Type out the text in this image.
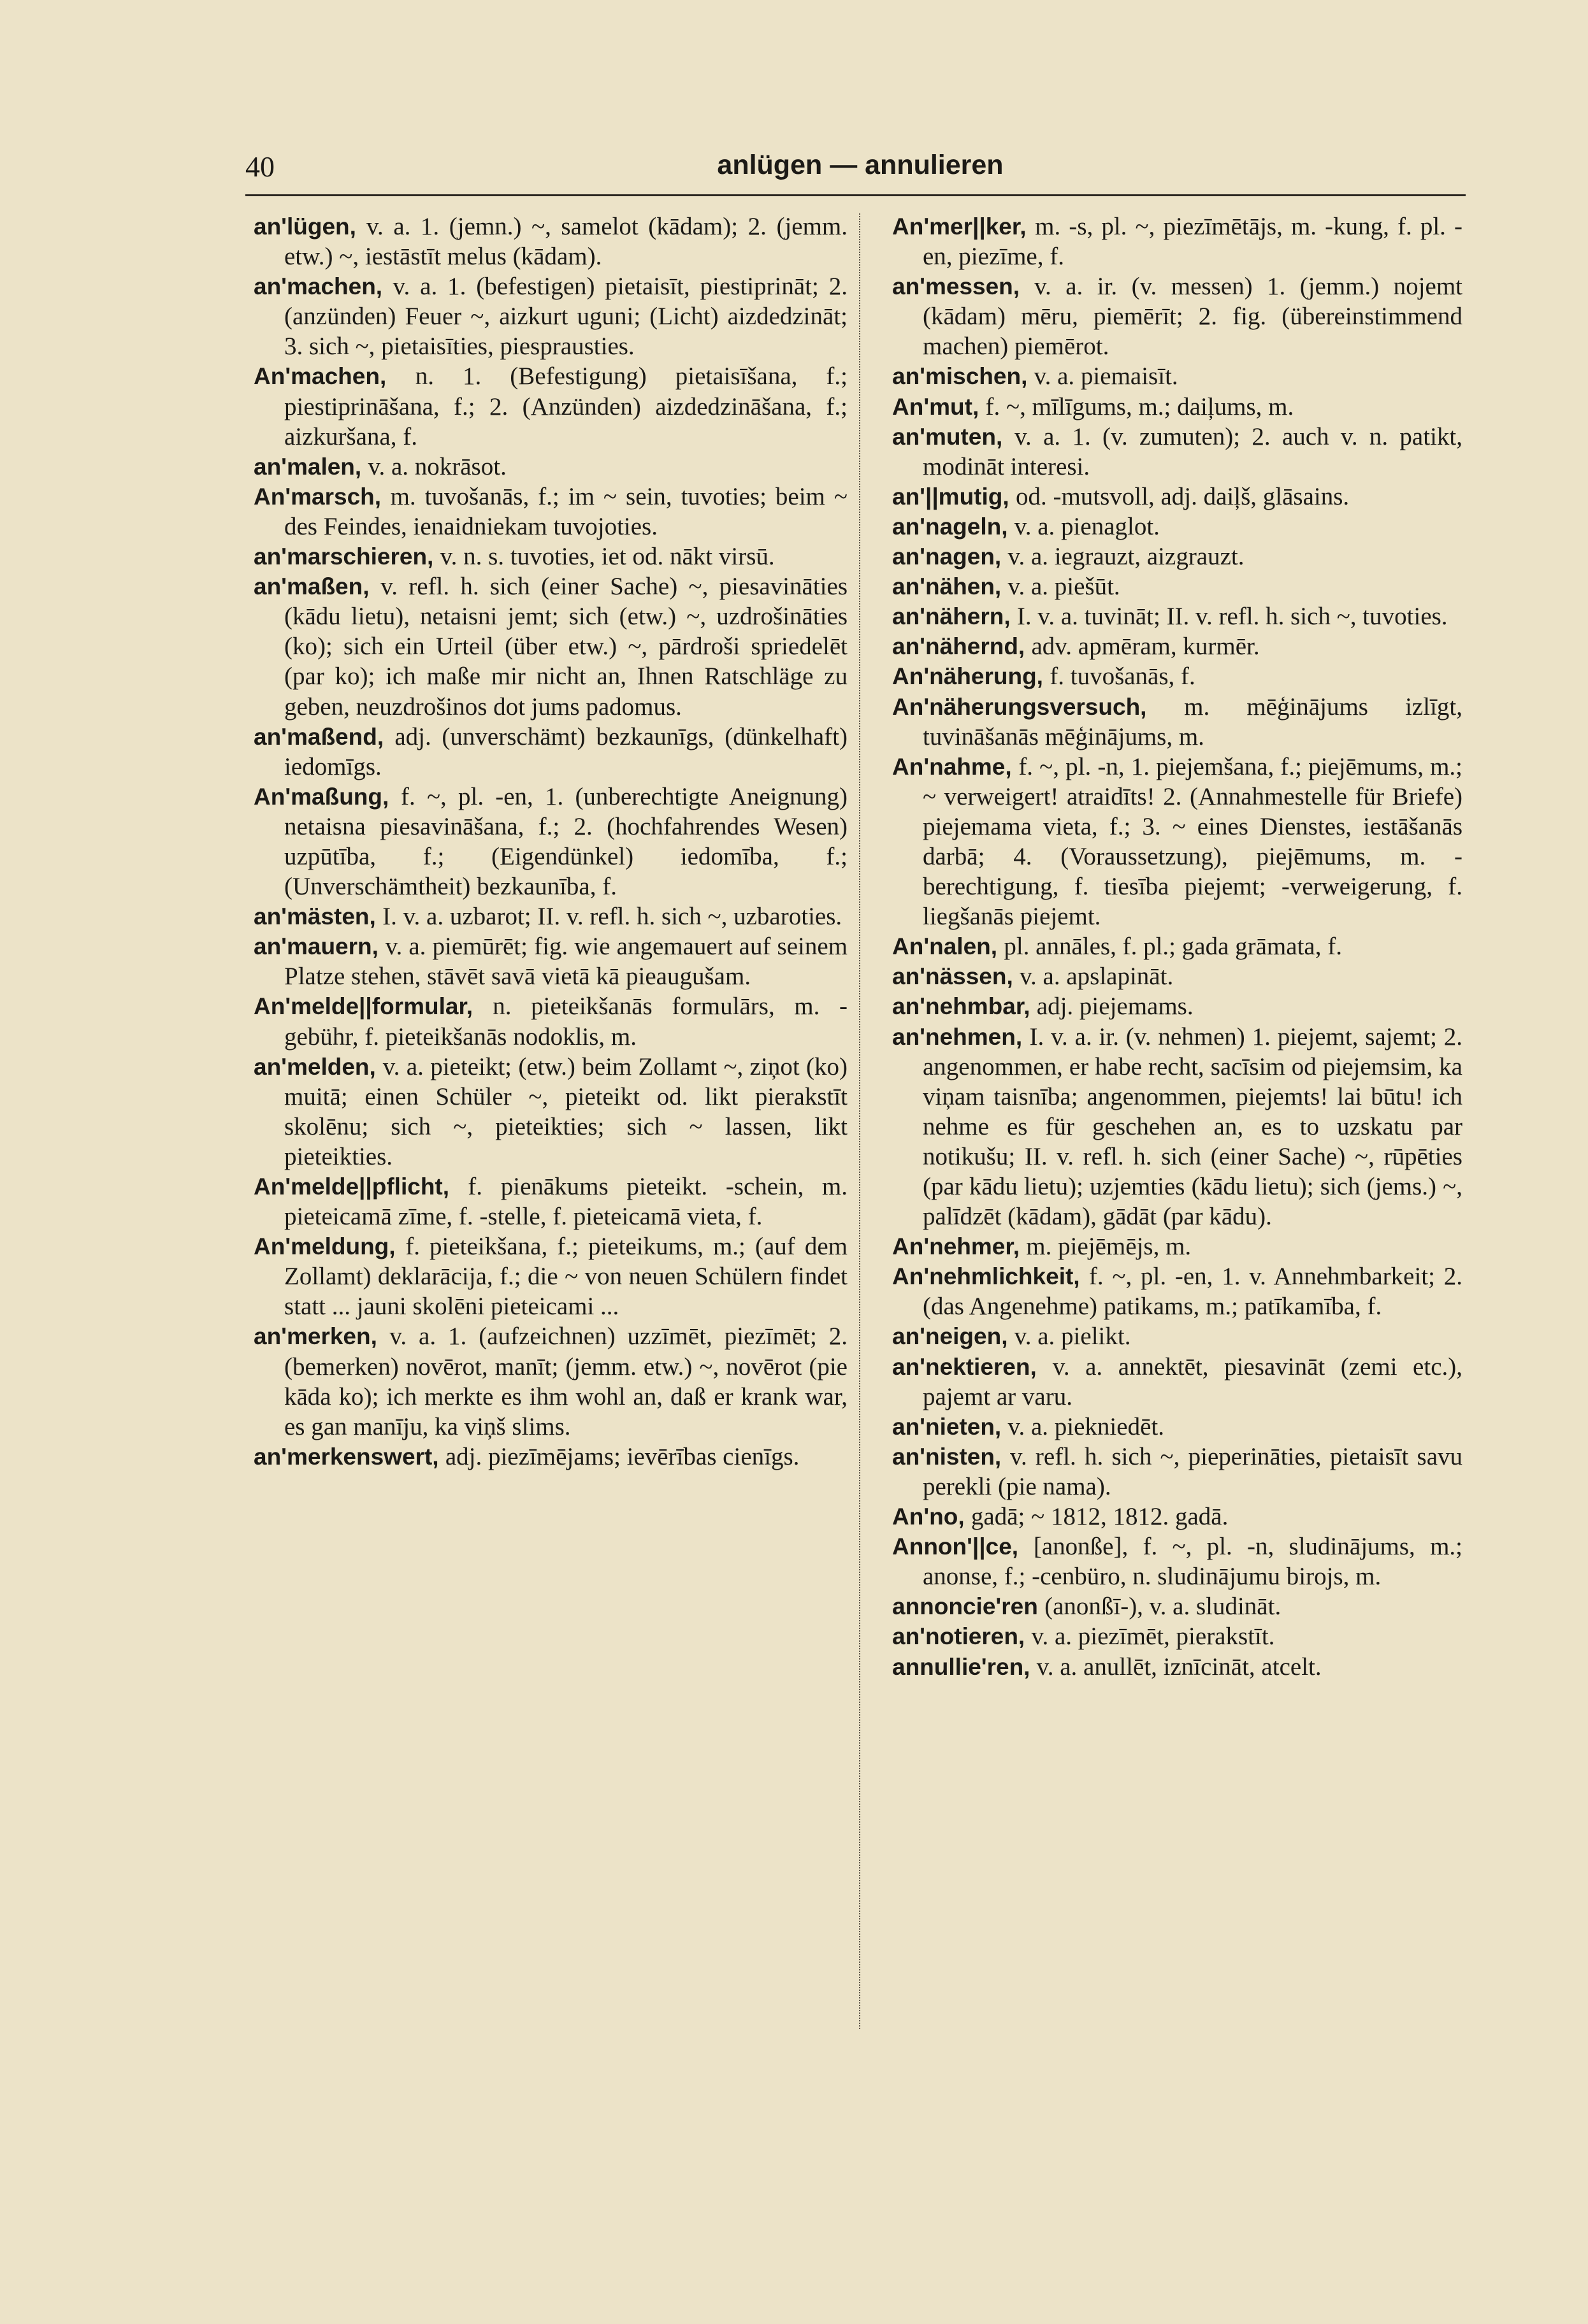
40	anlügen — annulieren

an'lügen, v. a. 1. (jemn.) ~, samelot (kādam); 2. (jemm. etw.) ~, iestāstīt melus (kādam).

an'machen, v. a. 1. (befestigen) pietaisīt, piestiprināt; 2. (anzünden) Feuer ~, aizkurt uguni; (Licht) aizdedzināt; 3. sich ~, pietaisīties, piesprausties.

An'machen, n. 1. (Befestigung) pietaisīšana, f.; piestiprināšana, f.; 2. (Anzünden) aizdedzināšana, f.; aizkuršana, f.

an'malen, v. a. nokrāsot.

An'marsch, m. tuvošanās, f.; im ~ sein, tuvoties; beim ~ des Feindes, ienaidniekam tuvojoties.

an'marschieren, v. n. s. tuvoties, iet od. nākt virsū.

an'maßen, v. refl. h. sich (einer Sache) ~, piesavināties (kādu lietu), netaisni jemt; sich (etw.) ~, uzdrošināties (ko); sich ein Urteil (über etw.) ~, pārdroši spriedelēt (par ko); ich maße mir nicht an, Ihnen Ratschläge zu geben, neuzdrošinos dot jums padomus.

an'maßend, adj. (unverschämt) bezkaunīgs, (dünkelhaft) iedomīgs.

An'maßung, f. ~, pl. -en, 1. (unberechtigte Aneignung) netaisna piesavināšana, f.; 2. (hochfahrendes Wesen) uzpūtība, f.; (Eigendünkel) iedomība, f.; (Unverschämtheit) bezkaunība, f.

an'mästen, I. v. a. uzbarot; II. v. refl. h. sich ~, uzbaroties.

an'mauern, v. a. piemūrēt; fig. wie angemauert auf seinem Platze stehen, stāvēt savā vietā kā pieaugušam.

An'melde||formular, n. pieteikšanās formulārs, m. -gebühr, f. pieteikšanās nodoklis, m.

an'melden, v. a. pieteikt; (etw.) beim Zollamt ~, ziņot (ko) muitā; einen Schüler ~, pieteikt od. likt pierakstīt skolēnu; sich ~, pieteikties; sich ~ lassen, likt pieteikties.

An'melde||pflicht, f. pienākums pieteikt. -schein, m. pieteicamā zīme, f. -stelle, f. pieteicamā vieta, f.

An'meldung, f. pieteikšana, f.; pieteikums, m.; (auf dem Zollamt) deklarācija, f.; die ~ von neuen Schülern findet statt ... jauni skolēni pieteicami ...

an'merken, v. a. 1. (aufzeichnen) uzzīmēt, piezīmēt; 2. (bemerken) novērot, manīt; (jemm. etw.) ~, novērot (pie kāda ko); ich merkte es ihm wohl an, daß er krank war, es gan manīju, ka viņš slims.

an'merkenswert, adj. piezīmējams; ievērības cienīgs.

An'mer||ker, m. -s, pl. ~, piezīmētājs, m. -kung, f. pl. -en, piezīme, f.

an'messen, v. a. ir. (v. messen) 1. (jemm.) nojemt (kādam) mēru, piemērīt; 2. fig. (übereinstimmend machen) piemērot.

an'mischen, v. a. piemaisīt.

An'mut, f. ~, mīlīgums, m.; daiļums, m.

an'muten, v. a. 1. (v. zumuten); 2. auch v. n. patikt, modināt interesi.

an'||mutig, od. -mutsvoll, adj. daiļš, glāsains.

an'nageln, v. a. pienaglot.

an'nagen, v. a. iegrauzt, aizgrauzt.

an'nähen, v. a. piešūt.

an'nähern, I. v. a. tuvināt; II. v. refl. h. sich ~, tuvoties.

an'nähernd, adv. apmēram, kurmēr.

An'näherung, f. tuvošanās, f.

An'näherungsversuch, m. mēģinājums izlīgt, tuvināšanās mēģinājums, m.

An'nahme, f. ~, pl. -n, 1. piejemšana, f.; piejēmums, m.; ~ verweigert! atraidīts! 2. (Annahmestelle für Briefe) piejemama vieta, f.; 3. ~ eines Dienstes, iestāšanās darbā; 4. (Voraussetzung), piejēmums, m. -berechtigung, f. tiesība piejemt; -verweigerung, f. liegšanās piejemt.

An'nalen, pl. annāles, f. pl.; gada grāmata, f.

an'nässen, v. a. apslapināt.

an'nehmbar, adj. piejemams.

an'nehmen, I. v. a. ir. (v. nehmen) 1. piejemt, sajemt; 2. angenommen, er habe recht, sacīsim od piejemsim, ka viņam taisnība; angenommen, piejemts! lai būtu! ich nehme es für geschehen an, es to uzskatu par notikušu; II. v. refl. h. sich (einer Sache) ~, rūpēties (par kādu lietu); uzjemties (kādu lietu); sich (jems.) ~, palīdzēt (kādam), gādāt (par kādu).

An'nehmer, m. piejēmējs, m.

An'nehmlichkeit, f. ~, pl. -en, 1. v. Annehmbarkeit; 2. (das Angenehme) patikams, m.; patīkamība, f.

an'neigen, v. a. pielikt.

an'nektieren, v. a. annektēt, piesavināt (zemi etc.), pajemt ar varu.

an'nieten, v. a. piekniedēt.

an'nisten, v. refl. h. sich ~, pieperināties, pietaisīt savu perekli (pie nama).

An'no, gadā; ~ 1812, 1812. gadā.

Annon'||ce, [anonße], f. ~, pl. -n, sludinājums, m.; anonse, f.; -cenbüro, n. sludinājumu birojs, m.

annoncie'ren (anonßī-), v. a. sludināt.

an'notieren, v. a. piezīmēt, pierakstīt.

annullie'ren, v. a. anullēt, iznīcināt, atcelt.
